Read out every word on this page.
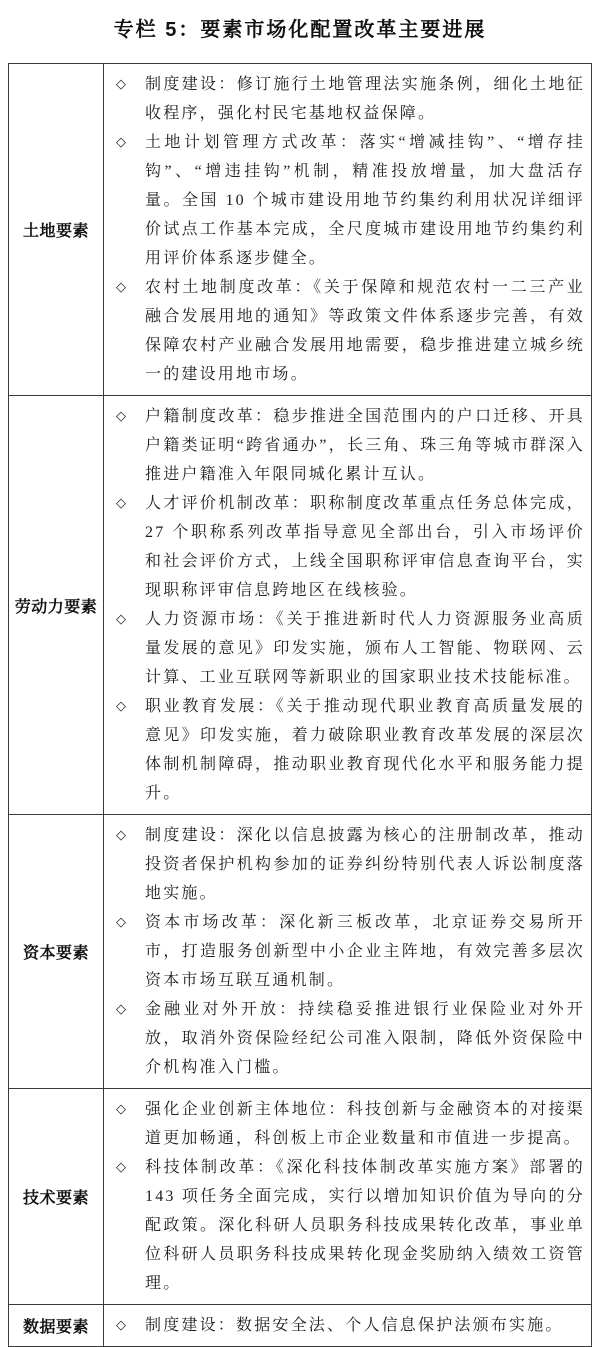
专栏 5：要素市场化配置改革主要进展
土地要素	
◇	制度建设：修订施行土地管理法实施条例，细化土地征收程序，强化村民宅基地权益保障。
◇	土地计划管理方式改革：落实“增减挂钩”、“增存挂钩”、“增违挂钩”机制，精准投放增量，加大盘活存量。全国 10 个城市建设用地节约集约利用状况详细评价试点工作基本完成，全尺度城市建设用地节约集约利用评价体系逐步健全。
◇	农村土地制度改革：《关于保障和规范农村一二三产业融合发展用地的通知》等政策文件体系逐步完善，有效保障农村产业融合发展用地需要，稳步推进建立城乡统一的建设用地市场。

劳动力要素	
◇	户籍制度改革：稳步推进全国范围内的户口迁移、开具户籍类证明“跨省通办”，长三角、珠三角等城市群深入推进户籍准入年限同城化累计互认。
◇	人才评价机制改革：职称制度改革重点任务总体完成，27 个职称系列改革指导意见全部出台，引入市场评价和社会评价方式，上线全国职称评审信息查询平台，实现职称评审信息跨地区在线核验。
◇	人力资源市场：《关于推进新时代人力资源服务业高质量发展的意见》印发实施，颁布人工智能、物联网、云计算、工业互联网等新职业的国家职业技术技能标准。
◇	职业教育发展：《关于推动现代职业教育高质量发展的意见》印发实施，着力破除职业教育改革发展的深层次体制机制障碍，推动职业教育现代化水平和服务能力提升。

资本要素	
◇	制度建设：深化以信息披露为核心的注册制改革，推动投资者保护机构参加的证券纠纷特别代表人诉讼制度落地实施。
◇	资本市场改革：深化新三板改革，北京证券交易所开市，打造服务创新型中小企业主阵地，有效完善多层次资本市场互联互通机制。
◇	金融业对外开放：持续稳妥推进银行业保险业对外开放，取消外资保险经纪公司准入限制，降低外资保险中介机构准入门槛。

技术要素	◇ 强化企业创新主体地位：科技创新与金融资本的对接渠道更加畅通，科创板上市企业数量和市值进一步提高。
◇ 科技体制改革：《深化科技体制改革实施方案》部署的 143 项任务全面完成，实行以增加知识价值为导向的分配政策。深化科研人员职务科技成果转化改革，事业单位科研人员职务科技成果转化现金奖励纳入绩效工资管理。

数据要素	◇ 制度建设：数据安全法、个人信息保护法颁布实施。
